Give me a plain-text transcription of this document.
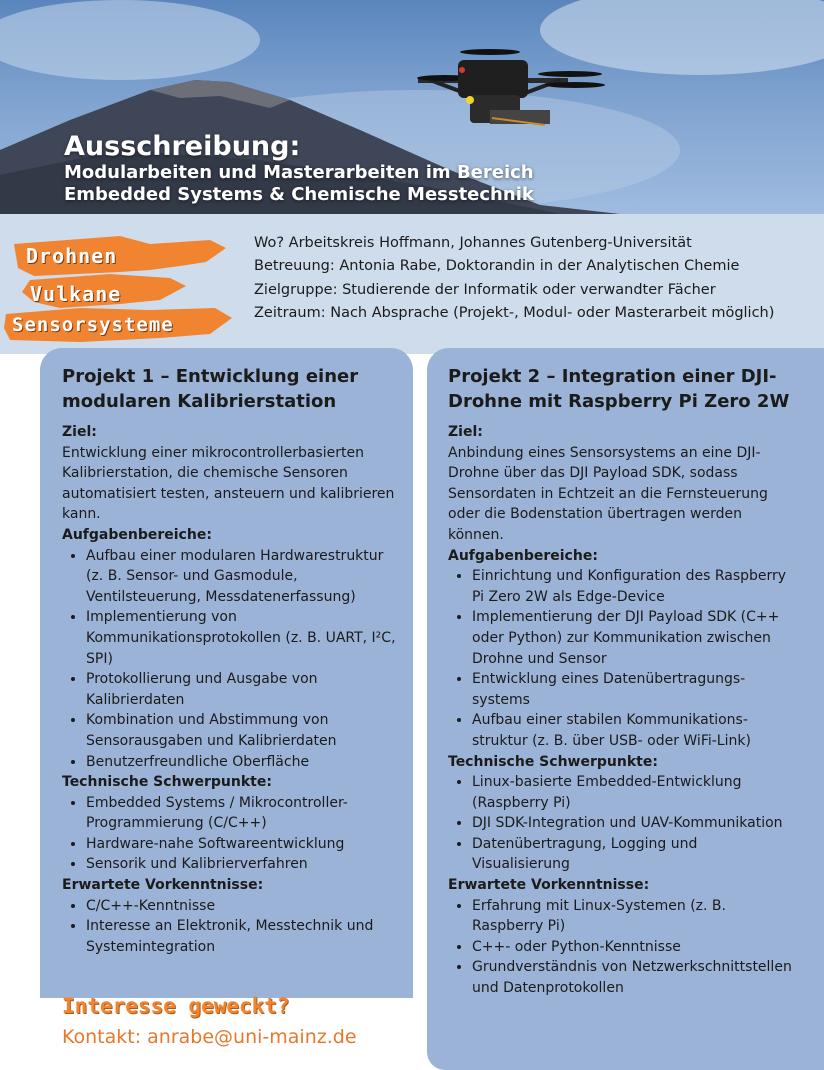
Ausschreibung:
Modularbeiten und Masterarbeiten im Bereich
Embedded Systems & Chemische Messtechnik
Drohnen
Vulkane
Sensorsysteme
Wo? Arbeitskreis Hoffmann, Johannes Gutenberg-Universität
Betreuung: Antonia Rabe, Doktorandin in der Analytischen Chemie
Zielgruppe: Studierende der Informatik oder verwandter Fächer
Zeitraum: Nach Absprache (Projekt-, Modul- oder Masterarbeit möglich)

Projekt 1 – Entwicklung einer modularen Kalibrierstation

Ziel:

Entwicklung einer mikrocontrollerbasierten Kalibrierstation, die chemische Sensoren automatisiert testen, ansteuern und kalibrieren kann.

Aufgabenbereiche:

• Aufbau einer modularen Hardwarestruktur (z. B. Sensor- und Gasmodule, Ventilsteuerung, Messdatenerfassung)
• Implementierung von Kommunikationsprotokollen (z. B. UART, I²C, SPI)
• Protokollierung und Ausgabe von Kalibrierdaten
• Kombination und Abstimmung von Sensorausgaben und Kalibrierdaten
• Benutzerfreundliche Oberfläche

Technische Schwerpunkte:

• Embedded Systems / Mikrocontroller-Programmierung (C/C++)
• Hardware-nahe Softwareentwicklung
• Sensorik und Kalibrierverfahren

Erwartete Vorkenntnisse:

• C/C++-Kenntnisse
• Interesse an Elektronik, Messtechnik und Systemintegration

Projekt 2 – Integration einer DJI-Drohne mit Raspberry Pi Zero 2W

Ziel:

Anbindung eines Sensorsystems an eine DJI-Drohne über das DJI Payload SDK, sodass Sensordaten in Echtzeit an die Fernsteuerung oder die Bodenstation übertragen werden können.

Aufgabenbereiche:

• Einrichtung und Konfiguration des Raspberry Pi Zero 2W als Edge-Device
• Implementierung der DJI Payload SDK (C++ oder Python) zur Kommunikation zwischen Drohne und Sensor
• Entwicklung eines Datenübertragungs-systems
• Aufbau einer stabilen Kommunikations-struktur (z. B. über USB- oder WiFi-Link)

Technische Schwerpunkte:

• Linux-basierte Embedded-Entwicklung (Raspberry Pi)
• DJI SDK-Integration und UAV-Kommunikation
• Datenübertragung, Logging und Visualisierung

Erwartete Vorkenntnisse:

• Erfahrung mit Linux-Systemen (z. B. Raspberry Pi)
• C++- oder Python-Kenntnisse
• Grundverständnis von Netzwerkschnittstellen und Datenprotokollen
Interesse geweckt?
Kontakt: anrabe@uni-mainz.de
